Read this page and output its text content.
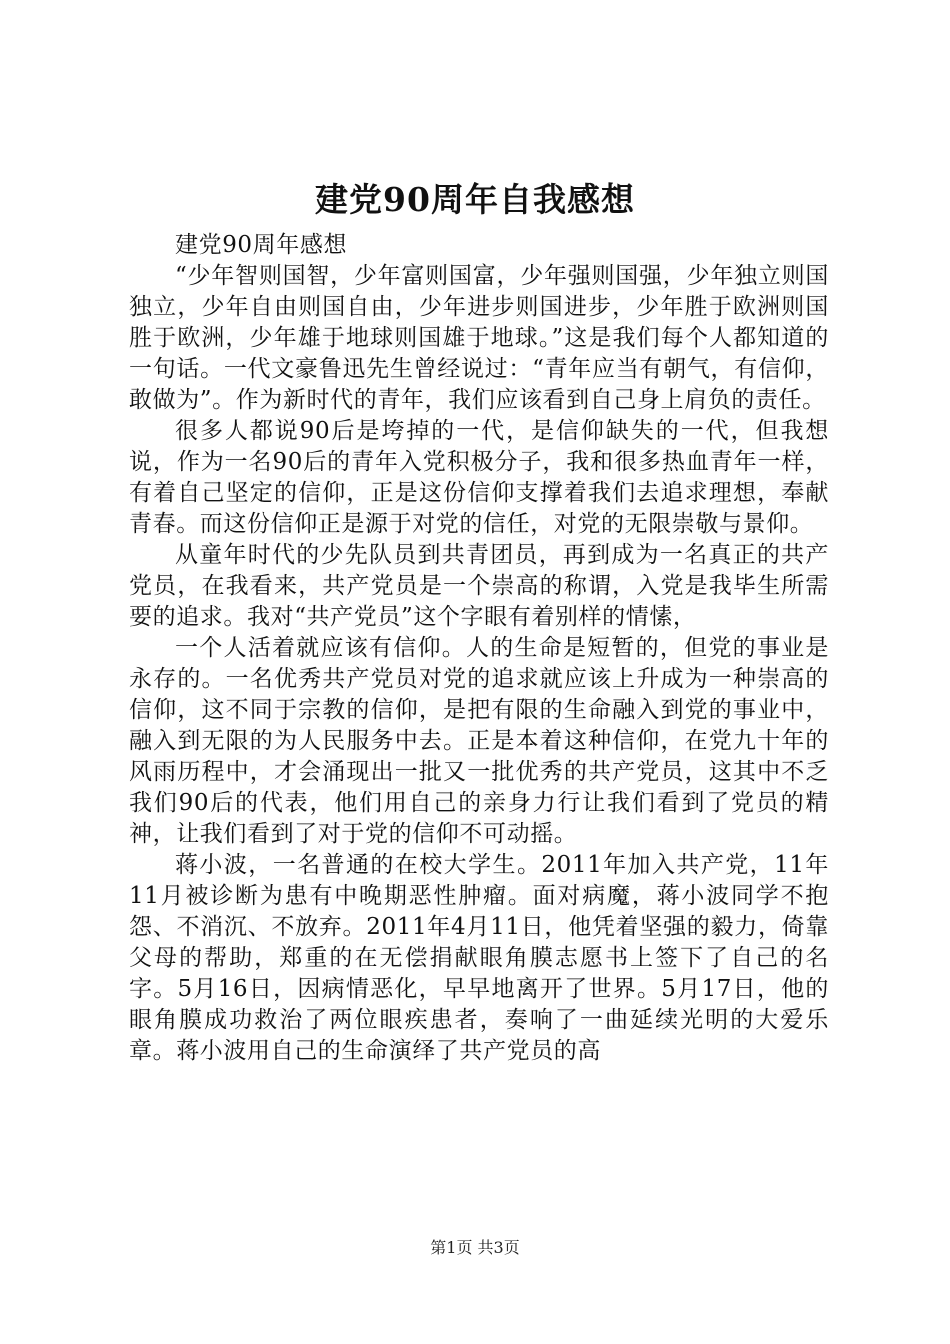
建党90周年自我感想

建党90周年感想

“少年智则国智，少年富则国富，少年强则国强，少年独立则国独立，少年自由则国自由，少年进步则国进步，少年胜于欧洲则国胜于欧洲，少年雄于地球则国雄于地球。”这是我们每个人都知道的一句话。一代文豪鲁迅先生曾经说过：“青年应当有朝气，有信仰，敢做为”。作为新时代的青年，我们应该看到自己身上肩负的责任。

很多人都说90后是垮掉的一代，是信仰缺失的一代，但我想说，作为一名90后的青年入党积极分子，我和很多热血青年一样，有着自己坚定的信仰，正是这份信仰支撑着我们去追求理想，奉献青春。而这份信仰正是源于对党的信任，对党的无限崇敬与景仰。

从童年时代的少先队员到共青团员，再到成为一名真正的共产党员，在我看来，共产党员是一个崇高的称谓，入党是我毕生所需要的追求。我对“共产党员”这个字眼有着别样的情愫，

一个人活着就应该有信仰。人的生命是短暂的，但党的事业是永存的。一名优秀共产党员对党的追求就应该上升成为一种崇高的信仰，这不同于宗教的信仰，是把有限的生命融入到党的事业中，融入到无限的为人民服务中去。正是本着这种信仰，在党九十年的风雨历程中，才会涌现出一批又一批优秀的共产党员，这其中不乏我们90后的代表，他们用自己的亲身力行让我们看到了党员的精神，让我们看到了对于党的信仰不可动摇。

蒋小波，一名普通的在校大学生。2011年加入共产党，11年11月被诊断为患有中晚期恶性肿瘤。面对病魔，蒋小波同学不抱怨、不消沉、不放弃。2011年4月11日，他凭着坚强的毅力，倚靠父母的帮助，郑重的在无偿捐献眼角膜志愿书上签下了自己的名字。5月16日，因病情恶化，早早地离开了世界。5月17日，他的眼角膜成功救治了两位眼疾患者，奏响了一曲延续光明的大爱乐章。蒋小波用自己的生命演绎了共产党员的高

第1页 共3页
